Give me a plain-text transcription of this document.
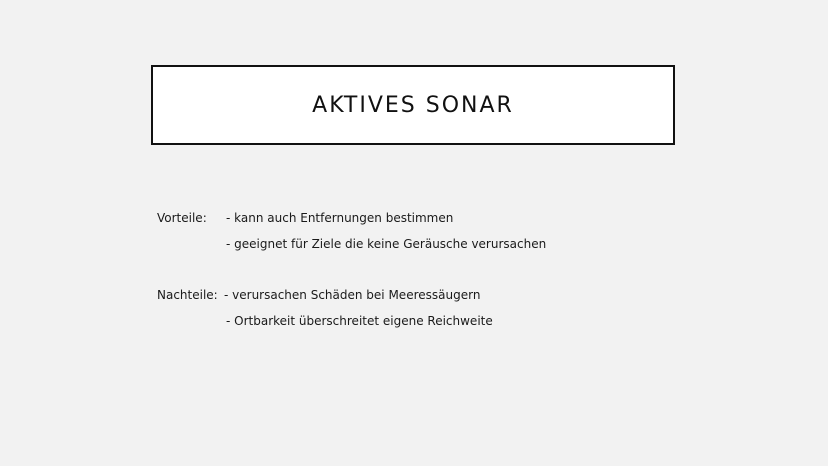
AKTIVES SONAR
Vorteile: - kann auch Entfernungen bestimmen
- geeignet für Ziele die keine Geräusche verursachen
Nachteile: - verursachen Schäden bei Meeressäugern
- Ortbarkeit überschreitet eigene Reichweite
